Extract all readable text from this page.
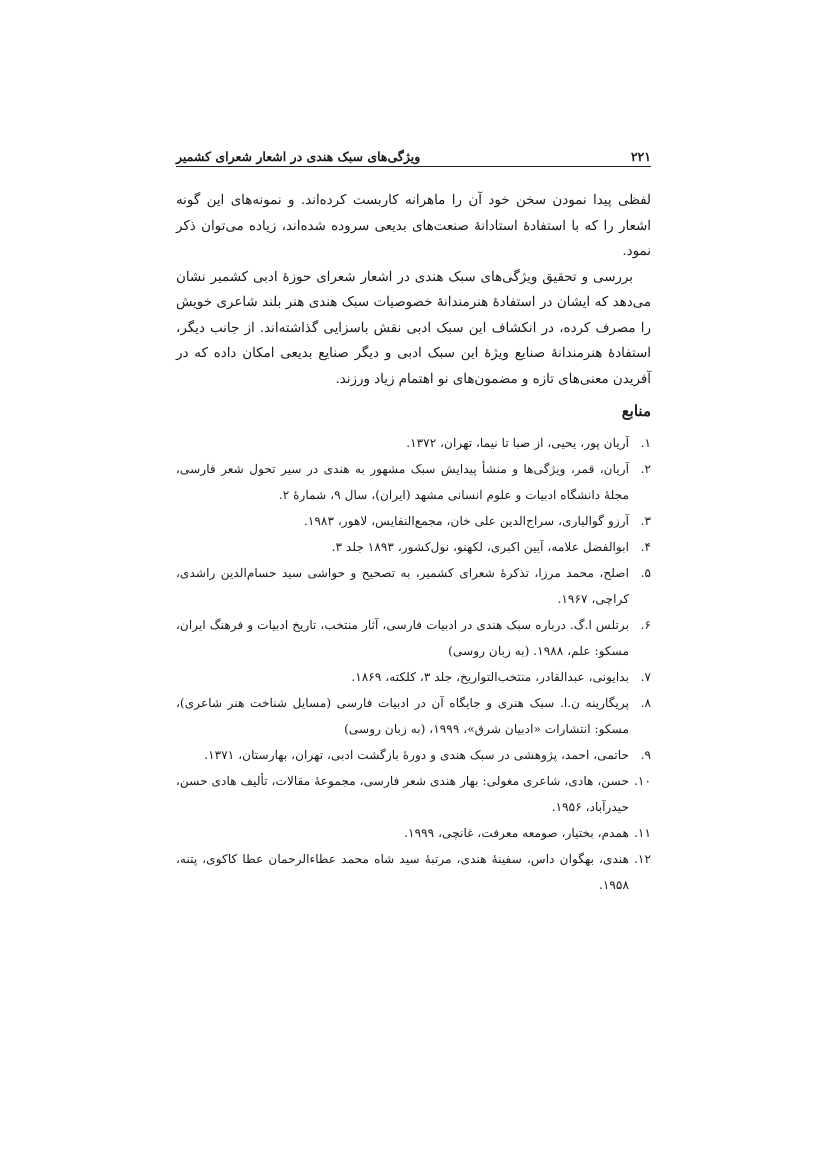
۲۲۱
ویژگی‌های سبک هندی در اشعار شعرای کشمیر

لفظی پیدا نمودن سخن خود آن را ماهرانه کاربست کرده‌اند. و نمونه‌های این گونه اشعار را که با استفادهٔ استادانهٔ صنعت‌های بدیعی سروده شده‌اند، زیاده می‌توان ذکر نمود.

بررسی و تحقیق ویژگی‌های سبک هندی در اشعار شعرای حوزهٔ ادبی کشمیر نشان می‌دهد که ایشان در استفادهٔ هنرمندانهٔ خصوصیات سبک هندی هنر بلند شاعری خویش را مصرف کرده، در انکشاف این سبک ادبی نقش باسزایی گذاشته‌اند. از جانب دیگر، استفادهٔ هنرمندانهٔ صنایع ویژهٔ این سبک ادبی و دیگر صنایع بدیعی امکان داده که در آفریدن معنی‌های تازه و مضمون‌های نو اهتمام زیاد ورزند.

منابع
۱.
آریان پور، یحیی، از صبا تا نیما، تهران، ۱۳۷۲.
۲.
آریان، قمر، ویژگی‌ها و منشأ پیدایش سبک مشهور به هندی در سیر تحول شعر فارسی، مجلهٔ دانشگاه ادبیات و علوم انسانی مشهد (ایران)، سال ۹، شمارهٔ ۲.
۳.
آرزو گوالیاری، سراج‌الدین علی خان، مجمع‌النفایس، لاهور، ۱۹۸۳.
۴.
ابوالفضل علامه، آیین اکبری، لکهنو، نول‌کشور، ۱۸۹۳ جلد ۳.
۵.
اصلح، محمد مرزا، تذکرهٔ شعرای کشمیر، به تصحیح و حواشی سید حسام‌الدین راشدی، کراچی، ۱۹۶۷.
۶.
برتلس ا.گ. درباره سبک هندی در ادبیات فارسی، آثار منتخب، تاریخ ادبیات و فرهنگ ایران، مسکو: علم، ۱۹۸۸. (به زبان روسی)
۷.
بدایونی، عبدالقادر، منتخب‌التواریخ، جلد ۳، کلکته، ۱۸۶۹.
۸.
پریگارینه ن.ا. سبک هنری و جایگاه آن در ادبیات فارسی (مسایل شناخت هنر شاعری)، مسکو: انتشارات «ادبیان شرق»، ۱۹۹۹، (به زبان روسی)
۹.
حاتمی، احمد، پژوهشی در سبک هندی و دورهٔ بازگشت ادبی، تهران، بهارستان، ۱۳۷۱.
۱۰.
حسن، هادی، شاعری مغولی: بهار هندی شعر فارسی، مجموعهٔ مقالات، تألیف هادی حسن، حیدرآباد، ۱۹۵۶.
۱۱.
همدم، بختیار، صومعه معرفت، غانچی، ۱۹۹۹.
۱۲.
هندی، بهگوان داس، سفینهٔ هندی، مرتبهٔ سید شاه محمد عطاءالرحمان عطا کاکوی، پتنه، ۱۹۵۸.
